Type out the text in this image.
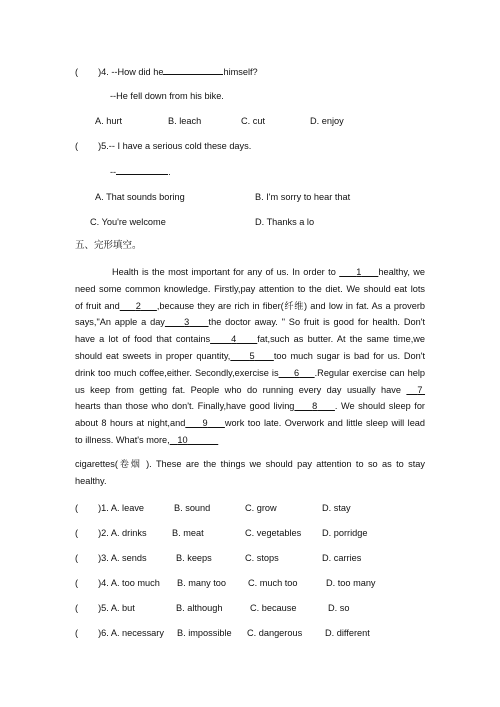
( )4. --How did he	himself?
--He fell down from his bike.
A. hurt	B. leach	C. cut	D. enjoy
( )5.-- I have a serious cold these days.
--	.
A. That sounds boring	B. I'm sorry to hear that
C. You're welcome	D. Thanks a lo
五、完形填空。
Health is the most important for any of us. In order to 1 healthy, we
need some common knowledge. Firstly,pay attention to the diet. We should eat lots
of fruit and 2 ,because they are rich in fiber(纤维) and low in fat. As a proverb
says,"An apple a day 3 the doctor away. " So fruit is good for health. Don't
have a lot of food that contains 4 fat,such as butter. At the same time,we
should eat sweets in proper quantity, 5 too much sugar is bad for us. Don't
drink too much coffee,either. Secondly,exercise is 6 .Regular exercise can help
us keep from getting fat. People who do running every day usually have 7
hearts than those who don't. Finally,have good living 8 . We should sleep for
about 8 hours at night,and 9 work too late. Overwork and little sleep will lead
to illness. What's more, 10
cigarettes(卷烟 ). These are the things we should pay attention to so as to stay
healthy.
( )1. A. leave	B. sound	C. grow	D. stay
( )2. A. drinks	B. meat	C. vegetables D. porridge
( )3. A. sends	B. keeps	C. stops	D. carries
( )4. A. too much B. many too C. much too	D. too many
( )5. A. but	B. although	C. because	D. so
( )6. A. necessary B. impossible C. dangerous D. different
